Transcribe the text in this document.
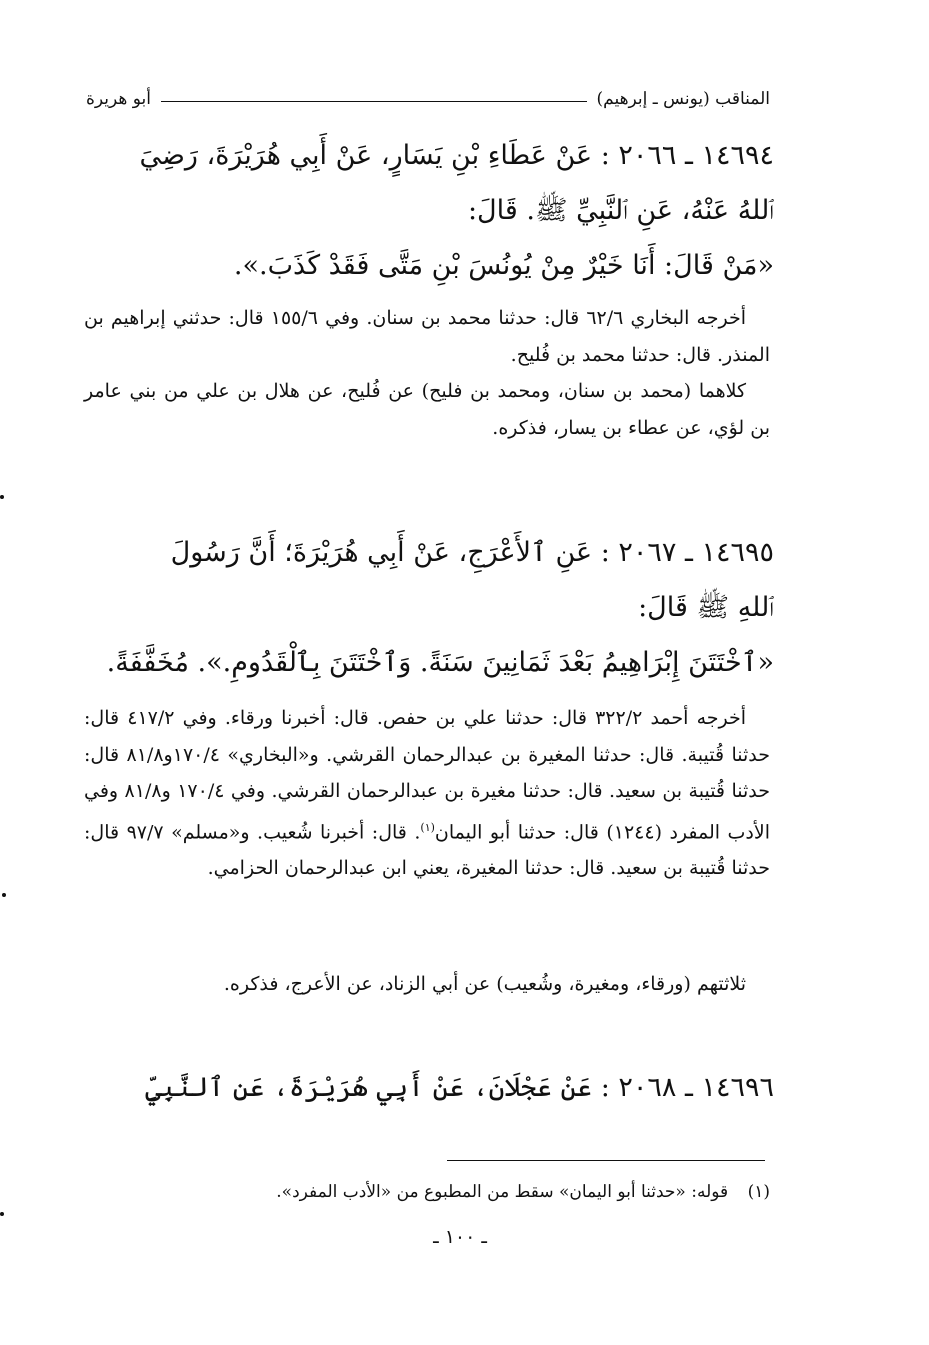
المناقب (يونس ـ إبرهيم)
أبو هريرة
١٤٦٩٤ ـ ٢٠٦٦ : عَنْ عَطَاءِ بْنِ يَسَارٍ، عَنْ أَبِي هُرَيْرَةَ، رَضِيَ
ٱللهُ عَنْهُ، عَنِ ٱلنَّبِيِّ ﷺ. قَالَ:
«مَنْ قَالَ: أَنَا خَيْرٌ مِنْ يُونُسَ بْنِ مَتَّى فَقَدْ كَذَبَ.».
أخرجه البخاري ٦٢/٦ قال: حدثنا محمد بن سنان. وفي ١٥٥/٦ قال: حدثني إبراهيم بن المنذر. قال: حدثنا محمد بن فُليح.
كلاهما (محمد بن سنان، ومحمد بن فليح) عن فُليح، عن هلال بن علي من بني عامر بن لؤي، عن عطاء بن يسار، فذكره.
١٤٦٩٥ ـ ٢٠٦٧ : عَنِ ٱلأَعْرَجِ، عَنْ أَبِي هُرَيْرَةَ؛ أَنَّ رَسُولَ
ٱللهِ ﷺ قَالَ:
«ٱخْتَتَنَ إِبْرَاهِيمُ بَعْدَ ثَمَانِينَ سَنَةً. وَٱخْتَتَنَ بِٱلْقَدُومِ.». مُخَفَّفَةً.
أخرجه أحمد ٣٢٢/٢ قال: حدثنا علي بن حفص. قال: أخبرنا ورقاء. وفي ٤١٧/٢ قال: حدثنا قُتيبة. قال: حدثنا المغيرة بن عبدالرحمان القرشي. و«البخاري» ١٧٠/٤و٨١/٨ قال: حدثنا قُتيبة بن سعيد. قال: حدثنا مغيرة بن عبدالرحمان القرشي. وفي ١٧٠/٤ و٨١/٨ وفي الأدب المفرد (١٢٤٤) قال: حدثنا أبو اليمان$^{(١)}$. قال: أخبرنا شُعيب. و«مسلم» ٩٧/٧ قال: حدثنا قُتيبة بن سعيد. قال: حدثنا المغيرة، يعني ابن عبدالرحمان الحزامي.
ثلاثتهم (ورقاء، ومغيرة، وشُعيب) عن أبي الزناد، عن الأعرج، فذكره.
١٤٦٩٦ ـ ٢٠٦٨ : عَنْ عَجْلَانَ، عَنْ أَبِي هُرَيْرَةَ، عَنِ ٱلنَّبِيِّ
(١) قوله: «حدثنا أبو اليمان» سقط من المطبوع من «الأدب المفرد».
ـ ١٠٠ ـ
